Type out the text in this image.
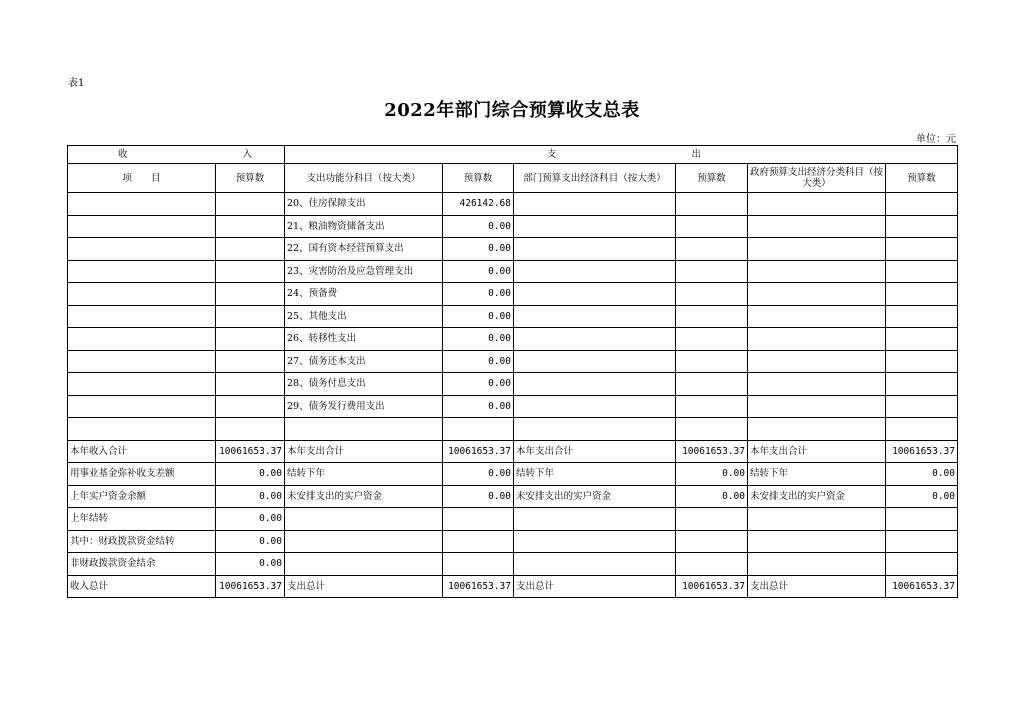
表1
2022年部门综合预算收支总表
单位：元
收 入		支 出					

项　　目	预算数	支出功能分科目（按大类）	预算数	部门预算支出经济科目（按大类）	预算数	政府预算支出经济分类科目（按大类）	预算数
		20、住房保障支出	426142.68				
		21、粮油物资储备支出	0.00				
		22、国有资本经营预算支出	0.00				
		23、灾害防治及应急管理支出	0.00				
		24、预备费	0.00				
		25、其他支出	0.00				
		26、转移性支出	0.00				
		27、债务还本支出	0.00				
		28、债务付息支出	0.00				
		29、债务发行费用支出	0.00				

本年收入合计	10061653.37	本年支出合计	10061653.37	本年支出合计	10061653.37	本年支出合计	10061653.37
用事业基金弥补收支差额	0.00	结转下年	0.00	结转下年	0.00	结转下年	0.00
上年实户资金余额	0.00	未安排支出的实户资金	0.00	未安排支出的实户资金	0.00	未安排支出的实户资金	0.00
上年结转	0.00						
其中：财政拨款资金结转	0.00						
非财政拨款资金结余	0.00						
收入总计	10061653.37	支出总计	10061653.37	支出总计	10061653.37	支出总计	10061653.37
